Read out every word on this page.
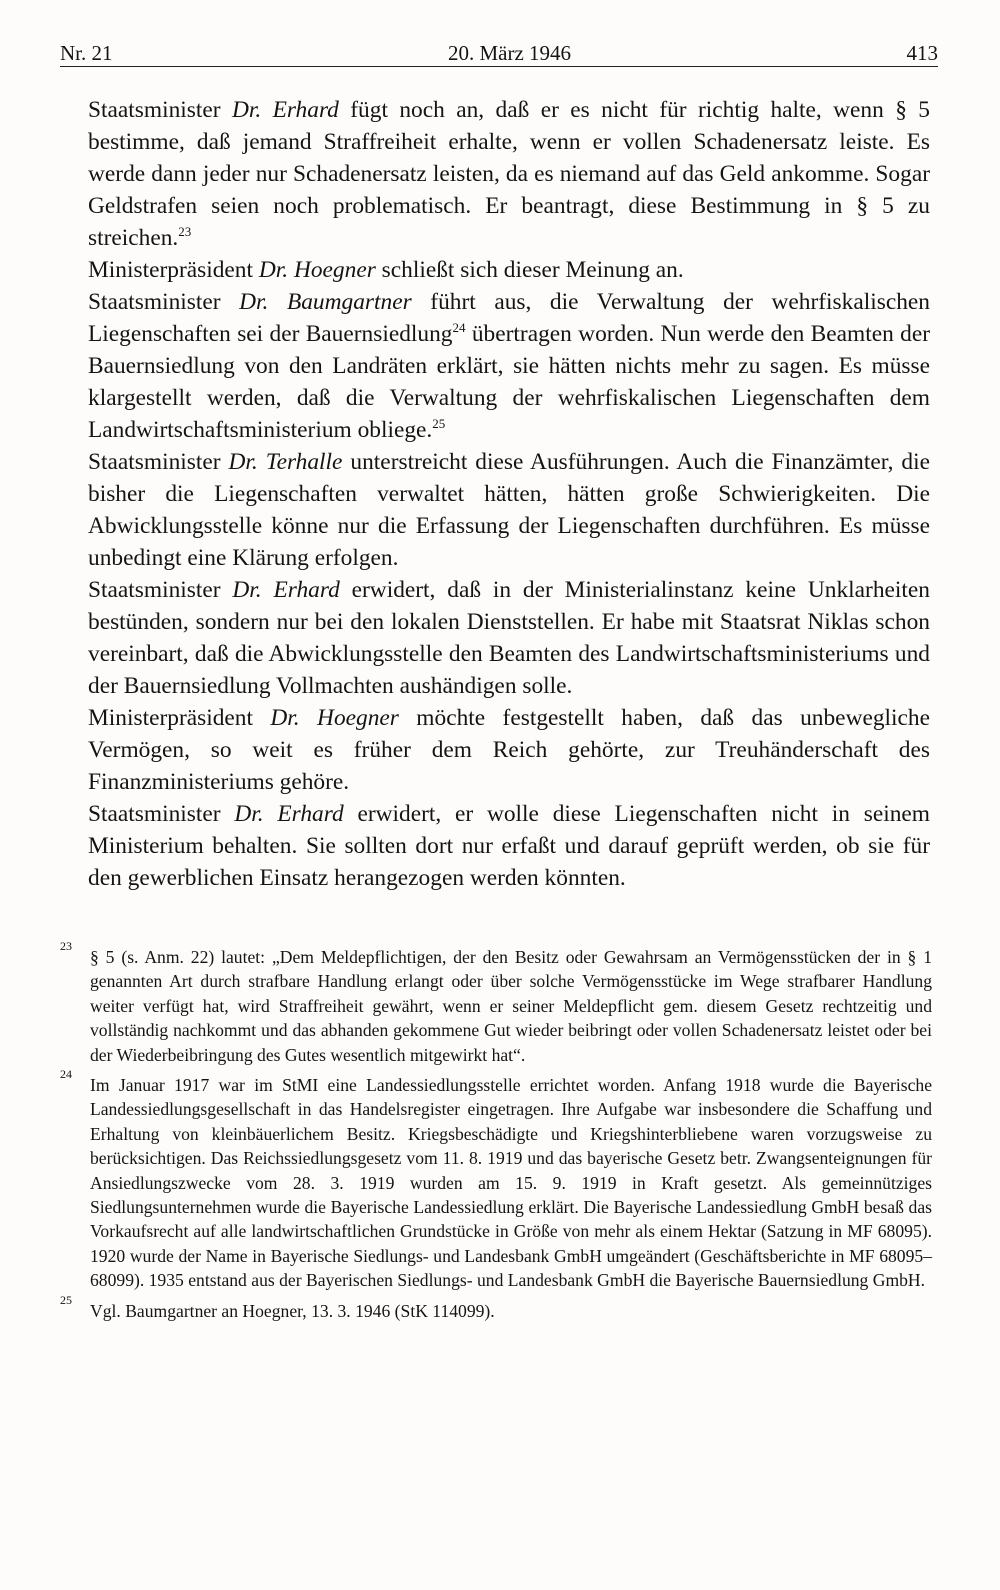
Nr. 21	20. März 1946	413

Staatsminister Dr. Erhard fügt noch an, daß er es nicht für richtig halte, wenn § 5 bestimme, daß jemand Straffreiheit erhalte, wenn er vollen Schadenersatz leiste. Es werde dann jeder nur Schadenersatz leisten, da es niemand auf das Geld ankomme. Sogar Geldstrafen seien noch problematisch. Er beantragt, diese Bestimmung in § 5 zu streichen.$^{23}$

Ministerpräsident Dr. Hoegner schließt sich dieser Meinung an.

Staatsminister Dr. Baumgartner führt aus, die Verwaltung der wehrfiskalischen Liegenschaften sei der Bauernsiedlung$^{24}$ übertragen worden. Nun werde den Beamten der Bauernsiedlung von den Landräten erklärt, sie hätten nichts mehr zu sagen. Es müsse klargestellt werden, daß die Verwaltung der wehrfiskalischen Liegenschaften dem Landwirtschaftsministerium obliege.$^{25}$

Staatsminister Dr. Terhalle unterstreicht diese Ausführungen. Auch die Finanzämter, die bisher die Liegenschaften verwaltet hätten, hätten große Schwierigkeiten. Die Abwicklungsstelle könne nur die Erfassung der Liegenschaften durchführen. Es müsse unbedingt eine Klärung erfolgen.

Staatsminister Dr. Erhard erwidert, daß in der Ministerialinstanz keine Unklarheiten bestünden, sondern nur bei den lokalen Dienststellen. Er habe mit Staatsrat Niklas schon vereinbart, daß die Abwicklungsstelle den Beamten des Landwirtschaftsministeriums und der Bauernsiedlung Vollmachten aushändigen solle.

Ministerpräsident Dr. Hoegner möchte festgestellt haben, daß das unbewegliche Vermögen, so weit es früher dem Reich gehörte, zur Treuhänderschaft des Finanzministeriums gehöre.

Staatsminister Dr. Erhard erwidert, er wolle diese Liegenschaften nicht in seinem Ministerium behalten. Sie sollten dort nur erfaßt und darauf geprüft werden, ob sie für den gewerblichen Einsatz herangezogen werden könnten.

23
§ 5 (s. Anm. 22) lautet: „Dem Meldepflichtigen, der den Besitz oder Gewahrsam an Vermögensstücken der in § 1 genannten Art durch strafbare Handlung erlangt oder über solche Vermögensstücke im Wege strafbarer Handlung weiter verfügt hat, wird Straffreiheit gewährt, wenn er seiner Meldepflicht gem. diesem Gesetz rechtzeitig und vollständig nachkommt und das abhanden gekommene Gut wieder beibringt oder vollen Schadenersatz leistet oder bei der Wiederbeibringung des Gutes wesentlich mitgewirkt hat“.
24
Im Januar 1917 war im StMI eine Landessiedlungsstelle errichtet worden. Anfang 1918 wurde die Bayerische Landessiedlungsgesellschaft in das Handelsregister eingetragen. Ihre Aufgabe war insbesondere die Schaffung und Erhaltung von kleinbäuerlichem Besitz. Kriegsbeschädigte und Kriegshinterbliebene waren vorzugsweise zu berücksichtigen. Das Reichssiedlungsgesetz vom 11. 8. 1919 und das bayerische Gesetz betr. Zwangsenteignungen für Ansiedlungszwecke vom 28. 3. 1919 wurden am 15. 9. 1919 in Kraft gesetzt. Als gemeinnütziges Siedlungsunternehmen wurde die Bayerische Landessiedlung erklärt. Die Bayerische Landessiedlung GmbH besaß das Vorkaufsrecht auf alle landwirtschaftlichen Grundstücke in Größe von mehr als einem Hektar (Satzung in MF 68095). 1920 wurde der Name in Bayerische Siedlungs- und Landesbank GmbH umgeändert (Geschäftsberichte in MF 68095–68099). 1935 entstand aus der Bayerischen Siedlungs- und Landesbank GmbH die Bayerische Bauernsiedlung GmbH.
25
Vgl. Baumgartner an Hoegner, 13. 3. 1946 (StK 114099).
